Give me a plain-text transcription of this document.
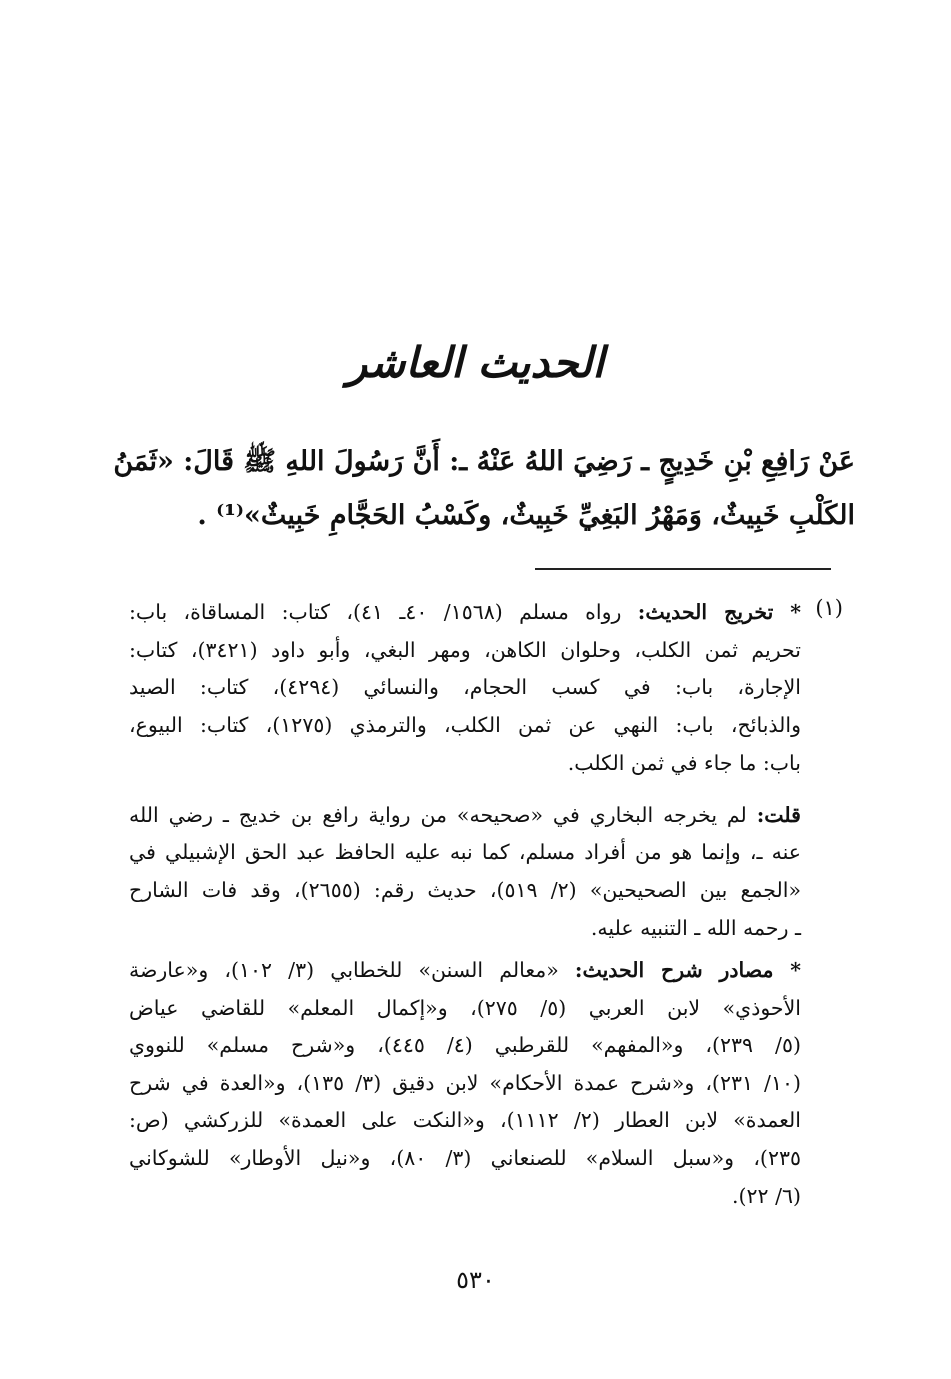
الحديث العاشر
عَنْ رَافِعِ بْنِ خَدِيجٍ ـ رَضِيَ اللهُ عَنْهُ ـ: أَنَّ رَسُولَ اللهِ ﷺ قَالَ: «ثَمَنُ
الكَلْبِ خَبِيثٌ، وَمَهْرُ البَغِيِّ خَبِيثٌ، وكَسْبُ الحَجَّامِ خَبِيثٌ»⁽¹⁾ .
(١)
* تخريج الحديث: رواه مسلم (١٥٦٨/ ٤٠ـ ٤١)، كتاب: المساقاة، باب:
تحريم ثمن الكلب، وحلوان الكاهن، ومهر البغي، وأبو داود (٣٤٢١)، كتاب:
الإجارة، باب: في كسب الحجام، والنسائي (٤٢٩٤)، كتاب: الصيد
والذبائح، باب: النهي عن ثمن الكلب، والترمذي (١٢٧٥)، كتاب: البيوع،
باب: ما جاء في ثمن الكلب.
قلت: لم يخرجه البخاري في «صحيحه» من رواية رافع بن خديج ـ رضي الله
عنه ـ، وإنما هو من أفراد مسلم، كما نبه عليه الحافظ عبد الحق الإشبيلي في
«الجمع بين الصحيحين» (٢/ ٥١٩)، حديث رقم: (٢٦٥٥)، وقد فات الشارح
ـ رحمه الله ـ التنبيه عليه.
* مصادر شرح الحديث: «معالم السنن» للخطابي (٣/ ١٠٢)، و«عارضة
الأحوذي» لابن العربي (٥/ ٢٧٥)، و«إكمال المعلم» للقاضي عياض
(٥/ ٢٣٩)، و«المفهم» للقرطبي (٤/ ٤٤٥)، و«شرح مسلم» للنووي
(١٠/ ٢٣١)، و«شرح عمدة الأحكام» لابن دقيق (٣/ ١٣٥)، و«العدة في شرح
العمدة» لابن العطار (٢/ ١١١٢)، و«النكت على العمدة» للزركشي (ص:
٢٣٥)، و«سبل السلام» للصنعاني (٣/ ٨٠)، و«نيل الأوطار» للشوكاني
(٦/ ٢٢).
٥٣٠
